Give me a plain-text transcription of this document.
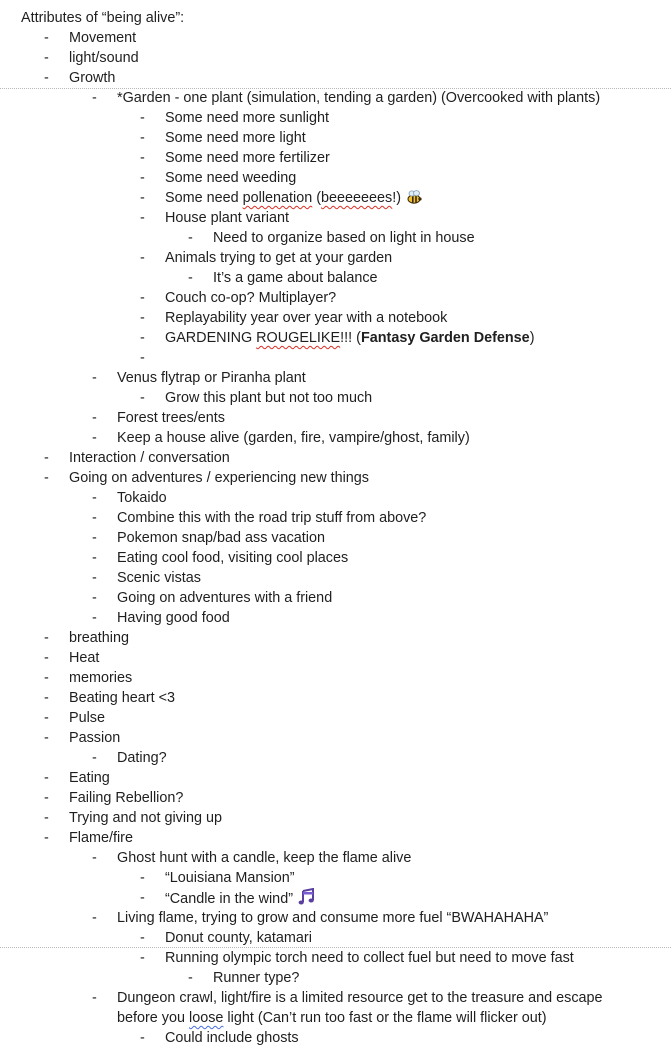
Attributes of “being alive”:
- Movement
- light/sound
- Growth
- *Garden - one plant (simulation, tending a garden) (Overcooked with plants)
- Some need more sunlight
- Some need more light
- Some need more fertilizer
- Some need weeding
- Some need pollenation (beeeeeees!)
- House plant variant
- Need to organize based on light in house
- Animals trying to get at your garden
- It’s a game about balance
- Couch co-op? Multiplayer?
- Replayability year over year with a notebook
- GARDENING ROUGELIKE!!! (Fantasy Garden Defense)
-
- Venus flytrap or Piranha plant
- Grow this plant but not too much
- Forest trees/ents
- Keep a house alive (garden, fire, vampire/ghost, family)
- Interaction / conversation
- Going on adventures / experiencing new things
- Tokaido
- Combine this with the road trip stuff from above?
- Pokemon snap/bad ass vacation
- Eating cool food, visiting cool places
- Scenic vistas
- Going on adventures with a friend
- Having good food
- breathing
- Heat
- memories
- Beating heart <3
- Pulse
- Passion
- Dating?
- Eating
- Failing Rebellion?
- Trying and not giving up
- Flame/fire
- Ghost hunt with a candle, keep the flame alive
- “Louisiana Mansion”
- “Candle in the wind”
- Living flame, trying to grow and consume more fuel “BWAHAHAHA”
- Donut county, katamari
- Running olympic torch need to collect fuel but need to move fast
- Runner type?
- Dungeon crawl, light/fire is a limited resource get to the treasure and escape before you loose light (Can’t run too fast or the flame will flicker out)
- Could include ghosts
